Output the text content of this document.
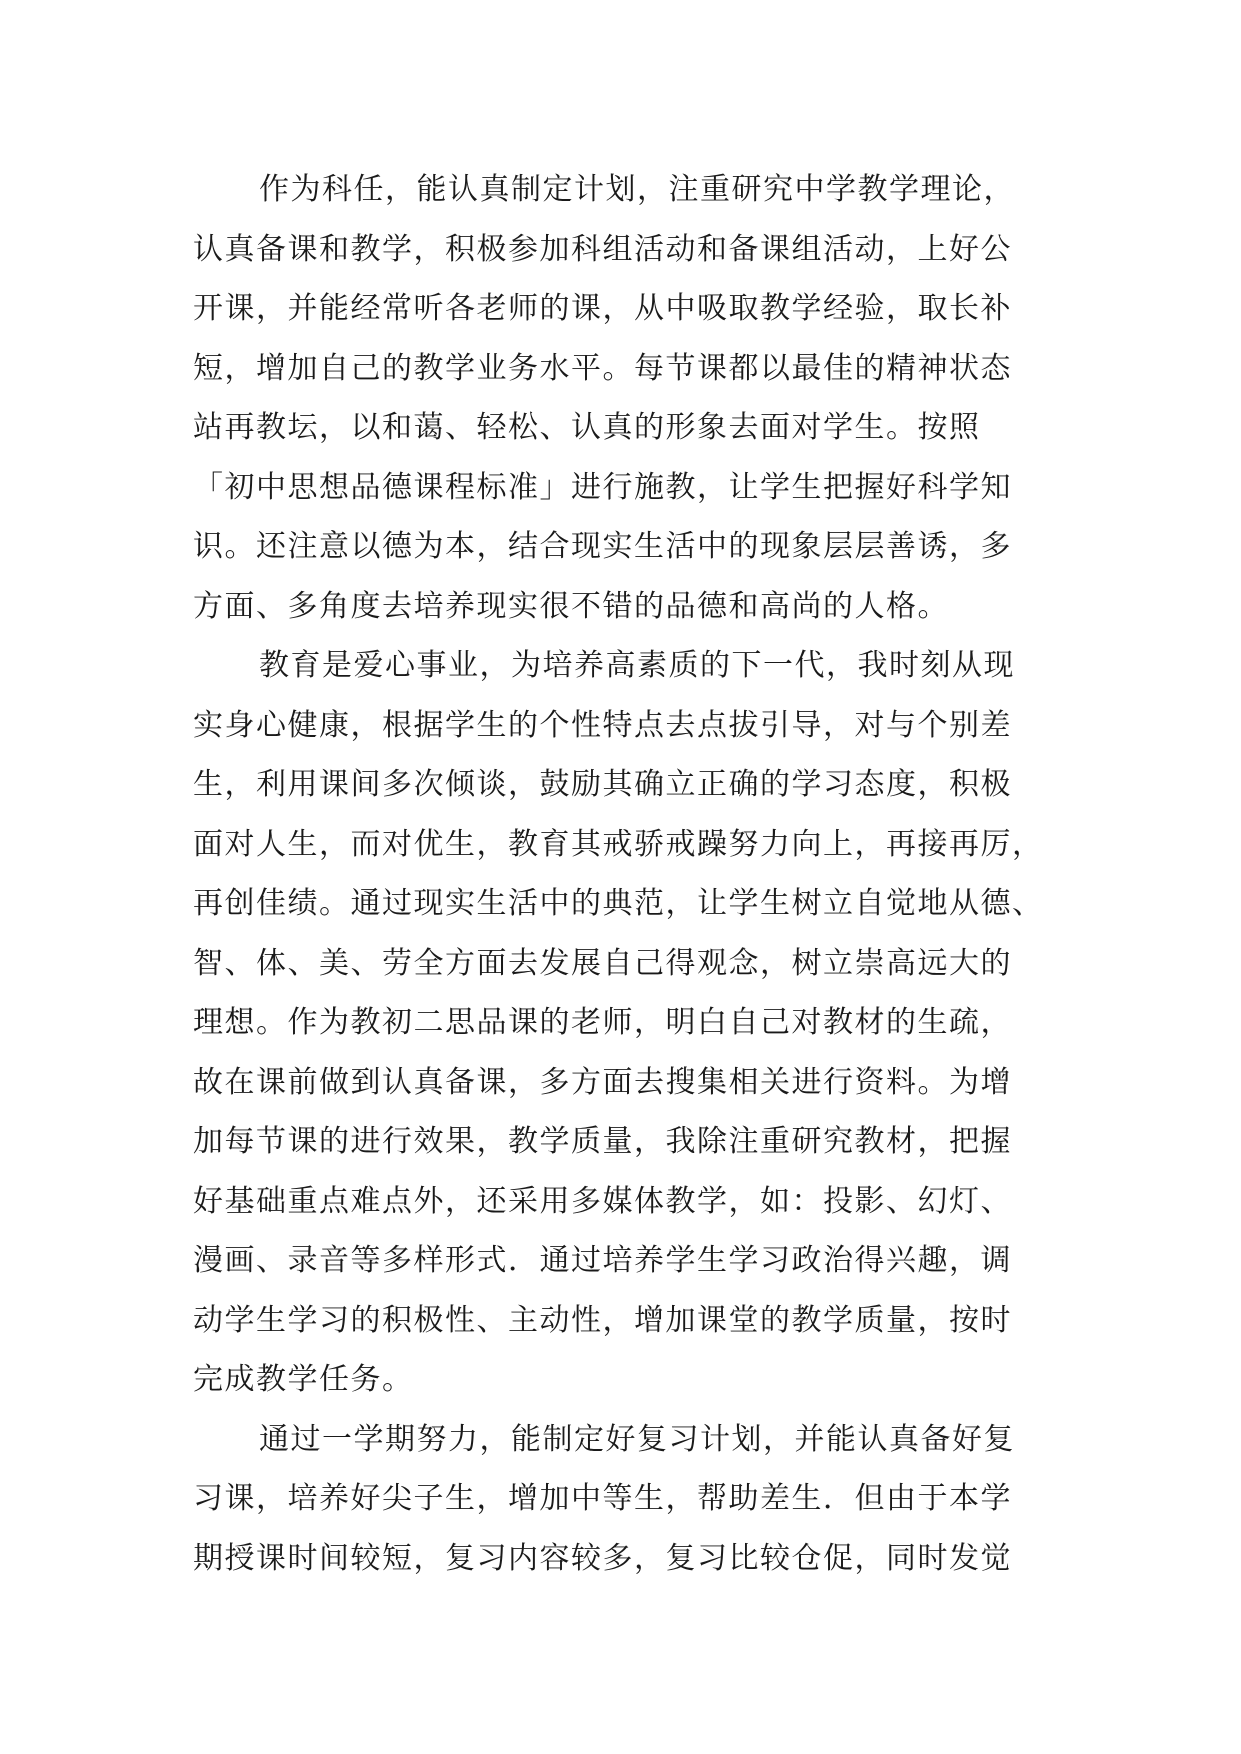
作为科任，能认真制定计划，注重研究中学教学理论，
认真备课和教学，积极参加科组活动和备课组活动，上好公
开课，并能经常听各老师的课，从中吸取教学经验，取长补
短，增加自己的教学业务水平。每节课都以最佳的精神状态
站再教坛，以和蔼、轻松、认真的形象去面对学生。按照
「初中思想品德课程标准」进行施教，让学生把握好科学知
识。还注意以德为本，结合现实生活中的现象层层善诱，多
方面、多角度去培养现实很不错的品德和高尚的人格。
教育是爱心事业，为培养高素质的下一代，我时刻从现
实身心健康，根据学生的个性特点去点拔引导，对与个别差
生，利用课间多次倾谈，鼓励其确立正确的学习态度，积极
面对人生，而对优生，教育其戒骄戒躁努力向上，再接再厉，
再创佳绩。通过现实生活中的典范，让学生树立自觉地从德、
智、体、美、劳全方面去发展自己得观念，树立崇高远大的
理想。作为教初二思品课的老师，明白自己对教材的生疏，
故在课前做到认真备课，多方面去搜集相关进行资料。为增
加每节课的进行效果，教学质量，我除注重研究教材，把握
好基础重点难点外，还采用多媒体教学，如：投影、幻灯、
漫画、录音等多样形式．通过培养学生学习政治得兴趣，调
动学生学习的积极性、主动性，增加课堂的教学质量，按时
完成教学任务。
通过一学期努力，能制定好复习计划，并能认真备好复
习课，培养好尖子生，增加中等生，帮助差生．但由于本学
期授课时间较短，复习内容较多，复习比较仓促，同时发觉
